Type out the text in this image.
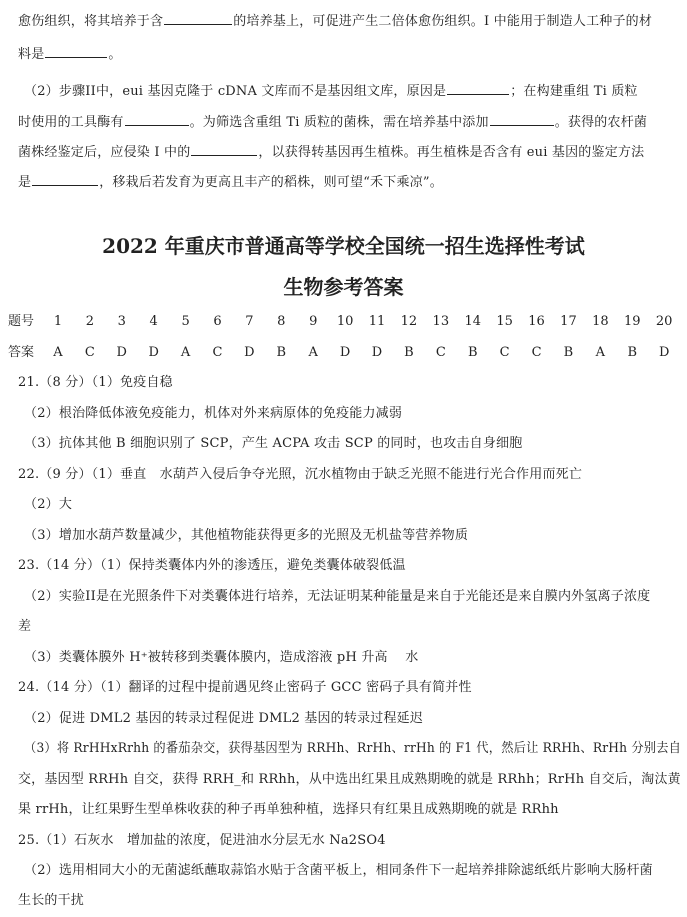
愈伤组织，将其培养于含	的培养基上，可促进产生二倍体愈伤组织。I 中能用于制造人工种子的材
料是	。
（2）步骤II中，eui 基因克隆于 cDNA 文库而不是基因组文库，原因是	；在构建重组 Ti 质粒
时使用的工具酶有	。为筛选含重组 Ti 质粒的菌株，需在培养基中添加	。获得的农杆菌
菌株经鉴定后，应侵染 I 中的	，以获得转基因再生植株。再生植株是否含有 eui 基因的鉴定方法
是	，移栽后若发育为更高且丰产的稻株，则可望“禾下乘凉”。
2022 年重庆市普通高等学校全国统一招生选择性考试
生物参考答案
题号	1	2	3	4	5	6	7	8	9	10	11	12	13	14	15	16	17	18	19	20
答案	A	C	D	D	A	C	D	B	A	D	D	B	C	B	C	C	B	A	B	D
21.（8 分）（1）免疫自稳
（2）根治降低体液免疫能力，机体对外来病原体的免疫能力减弱
（3）抗体其他 B 细胞识别了 SCP，产生 ACPA 攻击 SCP 的同时，也攻击自身细胞
22.（9 分）（1）垂直　水葫芦入侵后争夺光照，沉水植物由于缺乏光照不能进行光合作用而死亡
（2）大
（3）增加水葫芦数量减少，其他植物能获得更多的光照及无机盐等营养物质
23.（14 分）（1）保持类囊体内外的渗透压，避免类囊体破裂低温
（2）实验II是在光照条件下对类囊体进行培养，无法证明某种能量是来自于光能还是来自膜内外氢离子浓度
差
（3）类囊体膜外 H⁺被转移到类囊体膜内，造成溶液 pH 升高　 水
24.（14 分）（1）翻译的过程中提前遇见终止密码子 GCC 密码子具有简并性
（2）促进 DML2 基因的转录过程促进 DML2 基因的转录过程延迟
（3）将 RrHHxRrhh 的番茄杂交，获得基因型为 RRHh、RrHh、rrHh 的 F1 代，然后让 RRHh、RrHh 分别去自
交，基因型 RRHh 自交，获得 RRH_和 RRhh，从中选出红果且成熟期晚的就是 RRhh；RrHh 自交后，淘汰黄
果 rrHh，让红果野生型单株收获的种子再单独种植，选择只有红果且成熟期晚的就是 RRhh
25.（1）石灰水　增加盐的浓度，促进油水分层无水 Na2SO4
（2）选用相同大小的无菌滤纸蘸取蒜馅水贴于含菌平板上，相同条件下一起培养排除滤纸纸片影响大肠杆菌
生长的干扰
